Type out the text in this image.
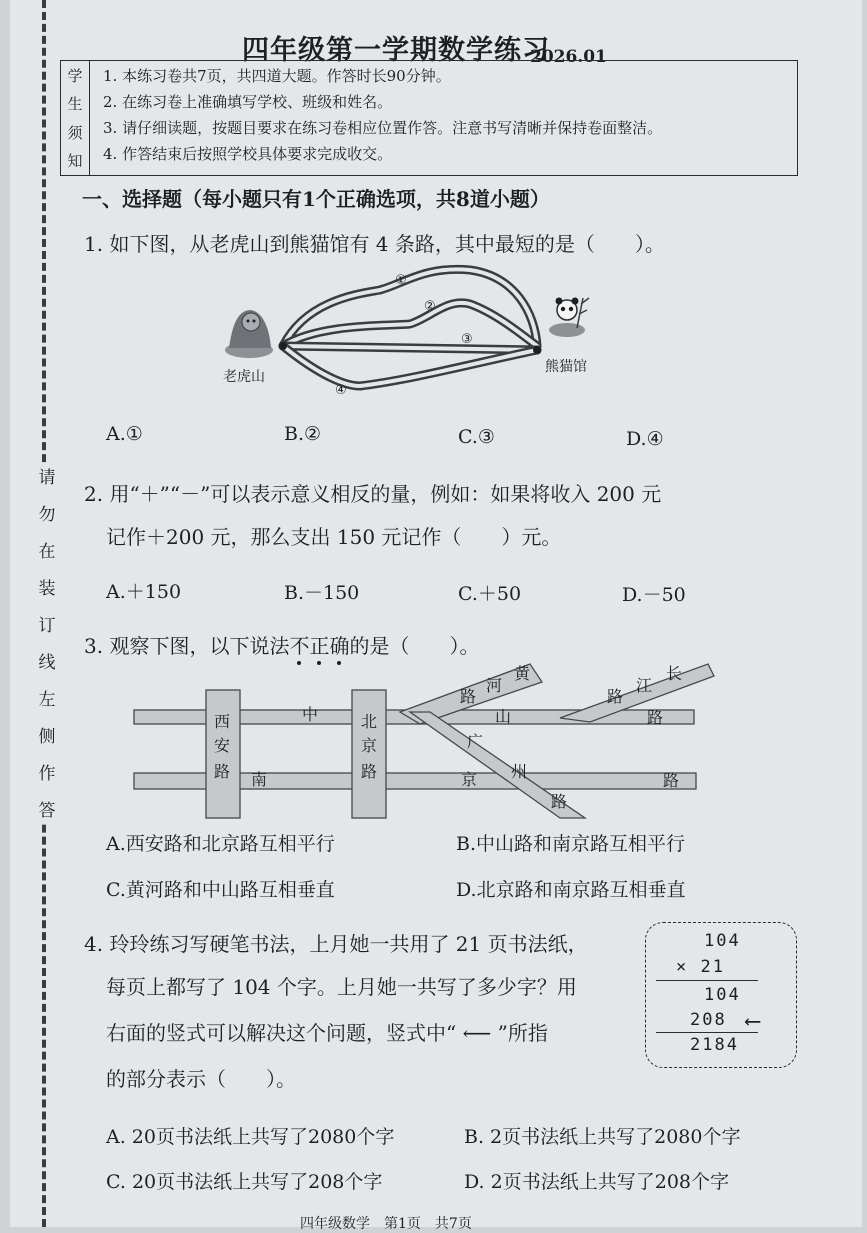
请
勿
在
装
订
线
左
侧
作
答
四年级第一学期数学练习
2026.01
学
生
须
知
1. 本练习卷共7页，共四道大题。作答时长90分钟。
2. 在练习卷上准确填写学校、班级和姓名。
3. 请仔细读题，按题目要求在练习卷相应位置作答。注意书写清晰并保持卷面整洁。
4. 作答结束后按照学校具体要求完成收交。
一、选择题（每小题只有1个正确选项，共8道小题）
1. 如下图，从老虎山到熊猫馆有 4 条路，其中最短的是（　　）。
①
②
③
④
老虎山
熊猫馆
A.①	B.②	C.③	D.④
2. 用“＋”“－”可以表示意义相反的量，例如：如果将收入 200 元
记作＋200 元，那么支出 150 元记作（　　）元。
A.＋150	B.－150	C.＋50	D.－50
3. 观察下图，以下说法不正确的是（　　）。
西
安
路
北
京
路
中	山	路
南	京	路
黄
河
路
长
江
路
广
州
路
A.西安路和北京路互相平行	B.中山路和南京路互相平行
C.黄河路和中山路互相垂直	D.北京路和南京路互相垂直
4. 玲玲练习写硬笔书法，上月她一共用了 21 页书法纸，
每页上都写了 104 个字。上月她一共写了多少字？用
右面的竖式可以解决这个问题，竖式中“ ⟵ ”所指
的部分表示（　　）。
104
× 21
104
208 ⟵
2184
A. 20页书法纸上共写了2080个字	B. 2页书法纸上共写了2080个字
C. 20页书法纸上共写了208个字	D. 2页书法纸上共写了208个字
四年级数学　第1页　共7页
